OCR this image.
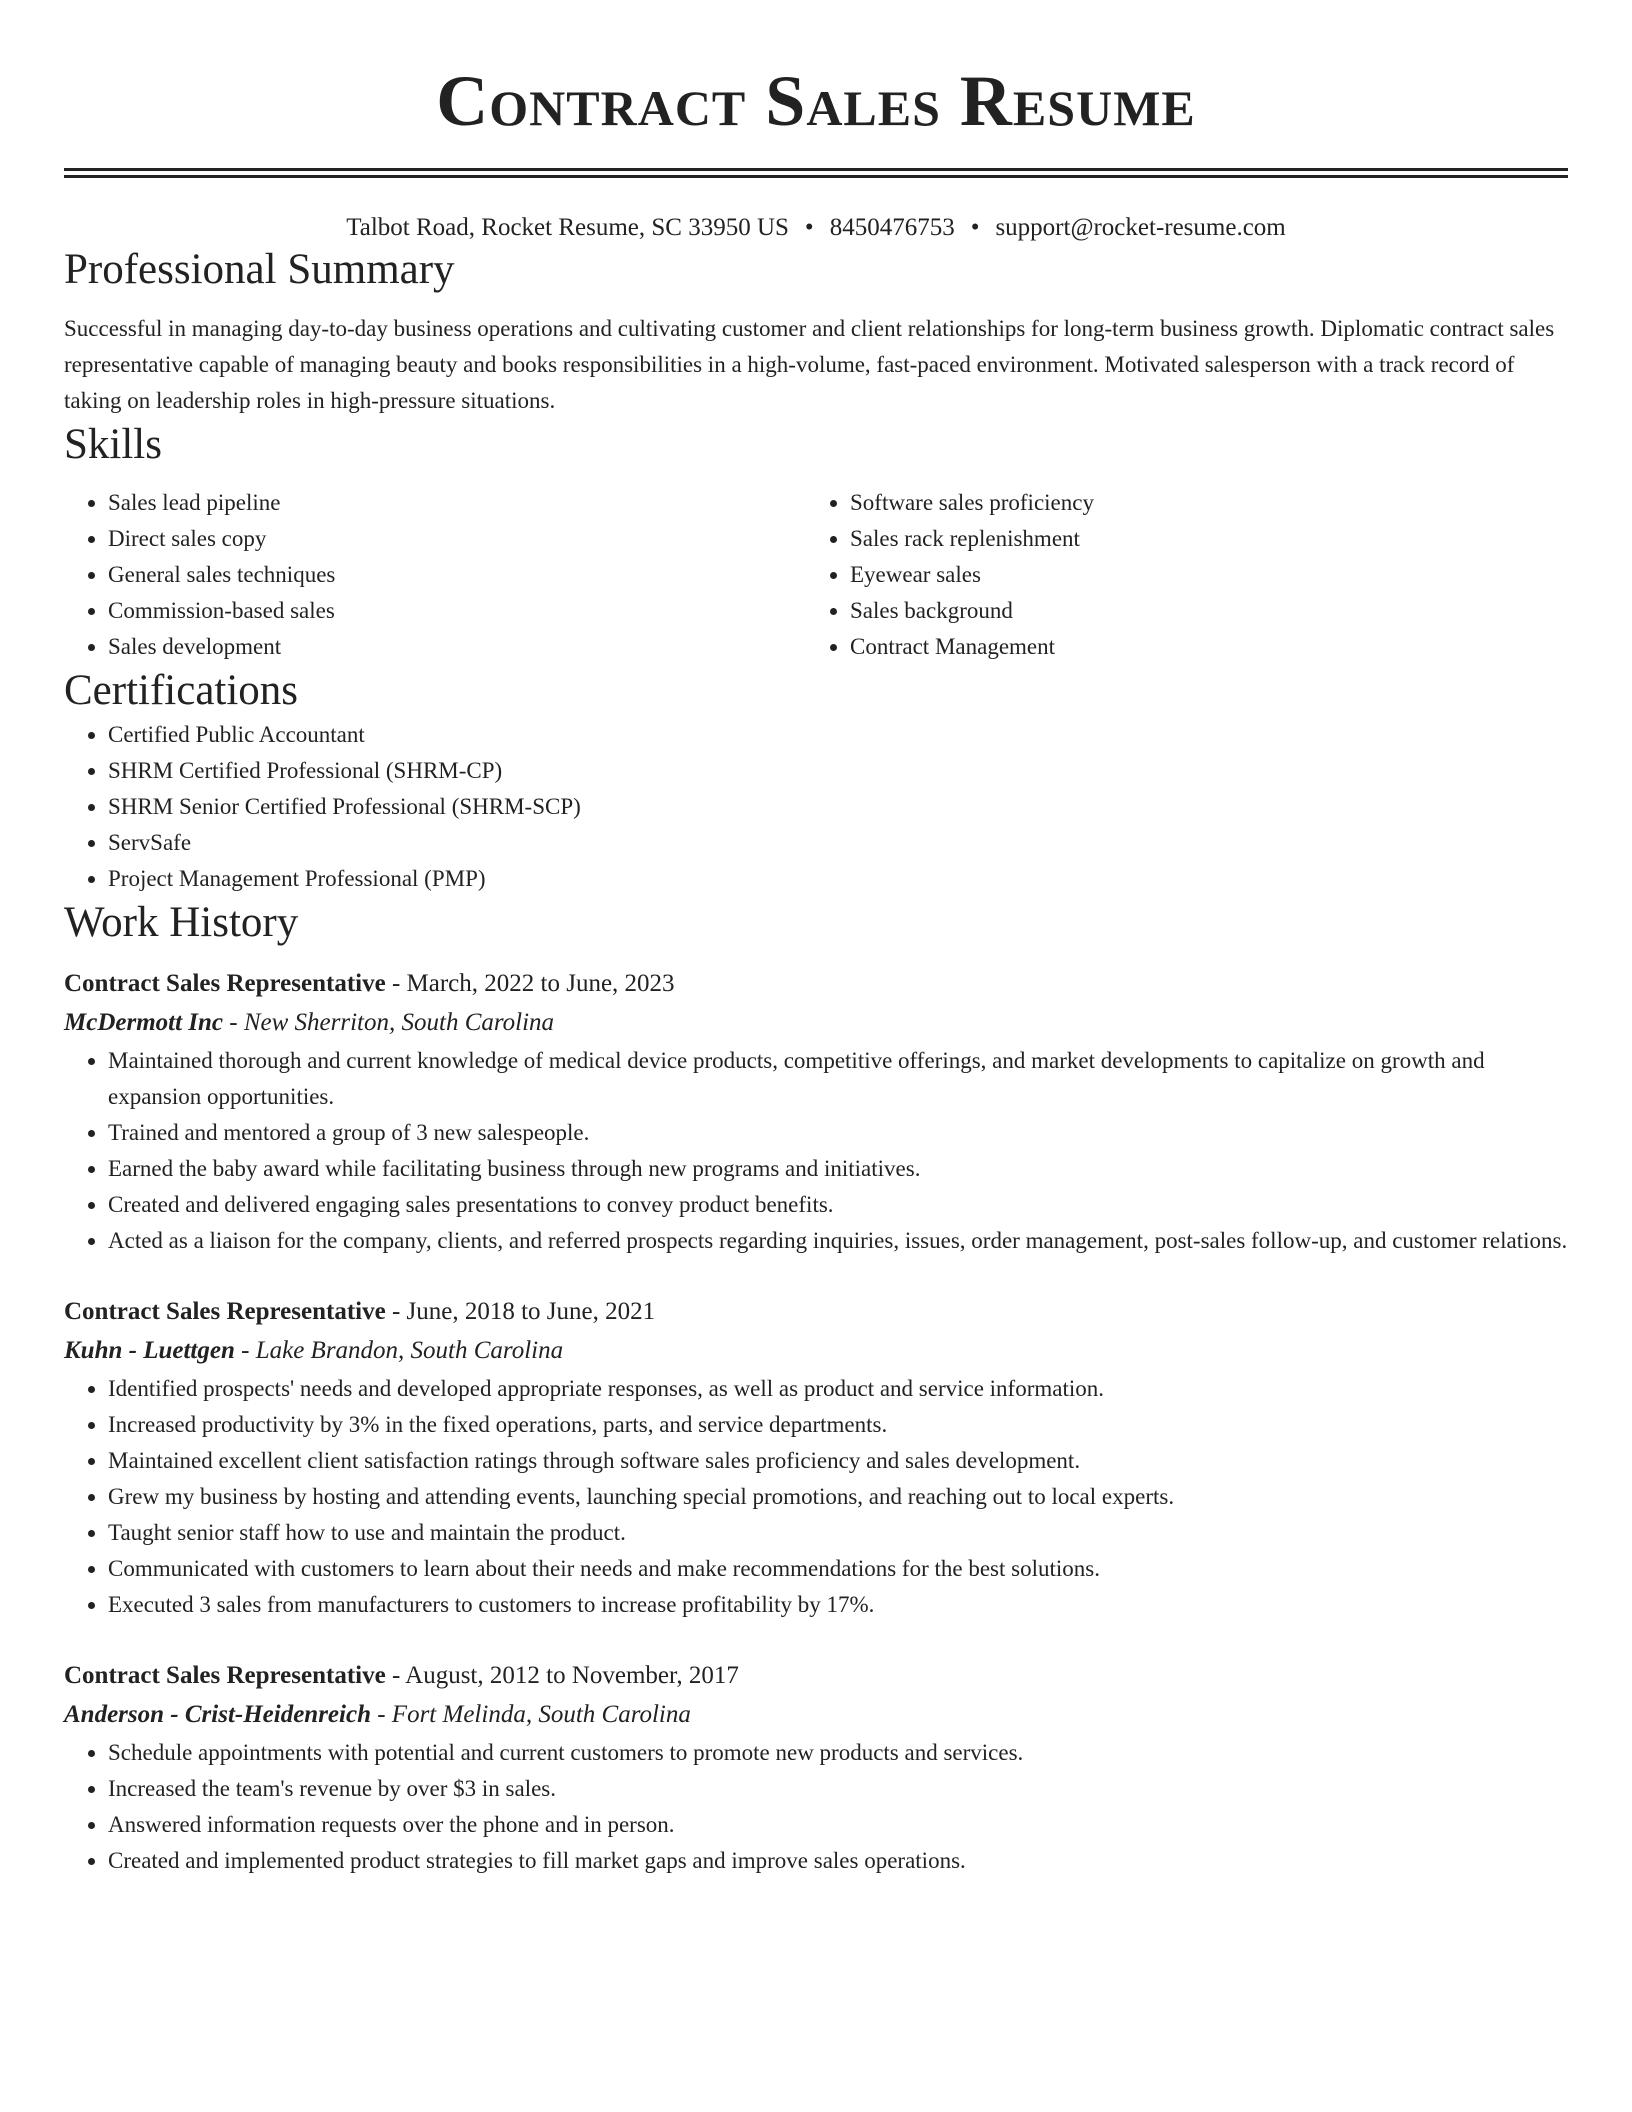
Contract Sales Resume
Talbot Road, Rocket Resume, SC 33950 US • 8450476753 • support@rocket-resume.com
Professional Summary

Successful in managing day-to-day business operations and cultivating customer and client relationships for long-term business growth. Diplomatic contract sales representative capable of managing beauty and books responsibilities in a high-volume, fast-paced environment. Motivated salesperson with a track record of taking on leadership roles in high-pressure situations.

Skills
• Sales lead pipeline
• Direct sales copy
• General sales techniques
• Commission-based sales
• Sales development
• Software sales proficiency
• Sales rack replenishment
• Eyewear sales
• Sales background
• Contract Management
Certifications
• Certified Public Accountant
• SHRM Certified Professional (SHRM-CP)
• SHRM Senior Certified Professional (SHRM-SCP)
• ServSafe
• Project Management Professional (PMP)
Work History
Contract Sales Representative - March, 2022 to June, 2023
McDermott Inc - New Sherriton, South Carolina
• Maintained thorough and current knowledge of medical device products, competitive offerings, and market developments to capitalize on growth and expansion opportunities.
• Trained and mentored a group of 3 new salespeople.
• Earned the baby award while facilitating business through new programs and initiatives.
• Created and delivered engaging sales presentations to convey product benefits.
• Acted as a liaison for the company, clients, and referred prospects regarding inquiries, issues, order management, post-sales follow-up, and customer relations.
Contract Sales Representative - June, 2018 to June, 2021
Kuhn - Luettgen - Lake Brandon, South Carolina
• Identified prospects' needs and developed appropriate responses, as well as product and service information.
• Increased productivity by 3% in the fixed operations, parts, and service departments.
• Maintained excellent client satisfaction ratings through software sales proficiency and sales development.
• Grew my business by hosting and attending events, launching special promotions, and reaching out to local experts.
• Taught senior staff how to use and maintain the product.
• Communicated with customers to learn about their needs and make recommendations for the best solutions.
• Executed 3 sales from manufacturers to customers to increase profitability by 17%.
Contract Sales Representative - August, 2012 to November, 2017
Anderson - Crist-Heidenreich - Fort Melinda, South Carolina
• Schedule appointments with potential and current customers to promote new products and services.
• Increased the team's revenue by over $3 in sales.
• Answered information requests over the phone and in person.
• Created and implemented product strategies to fill market gaps and improve sales operations.
